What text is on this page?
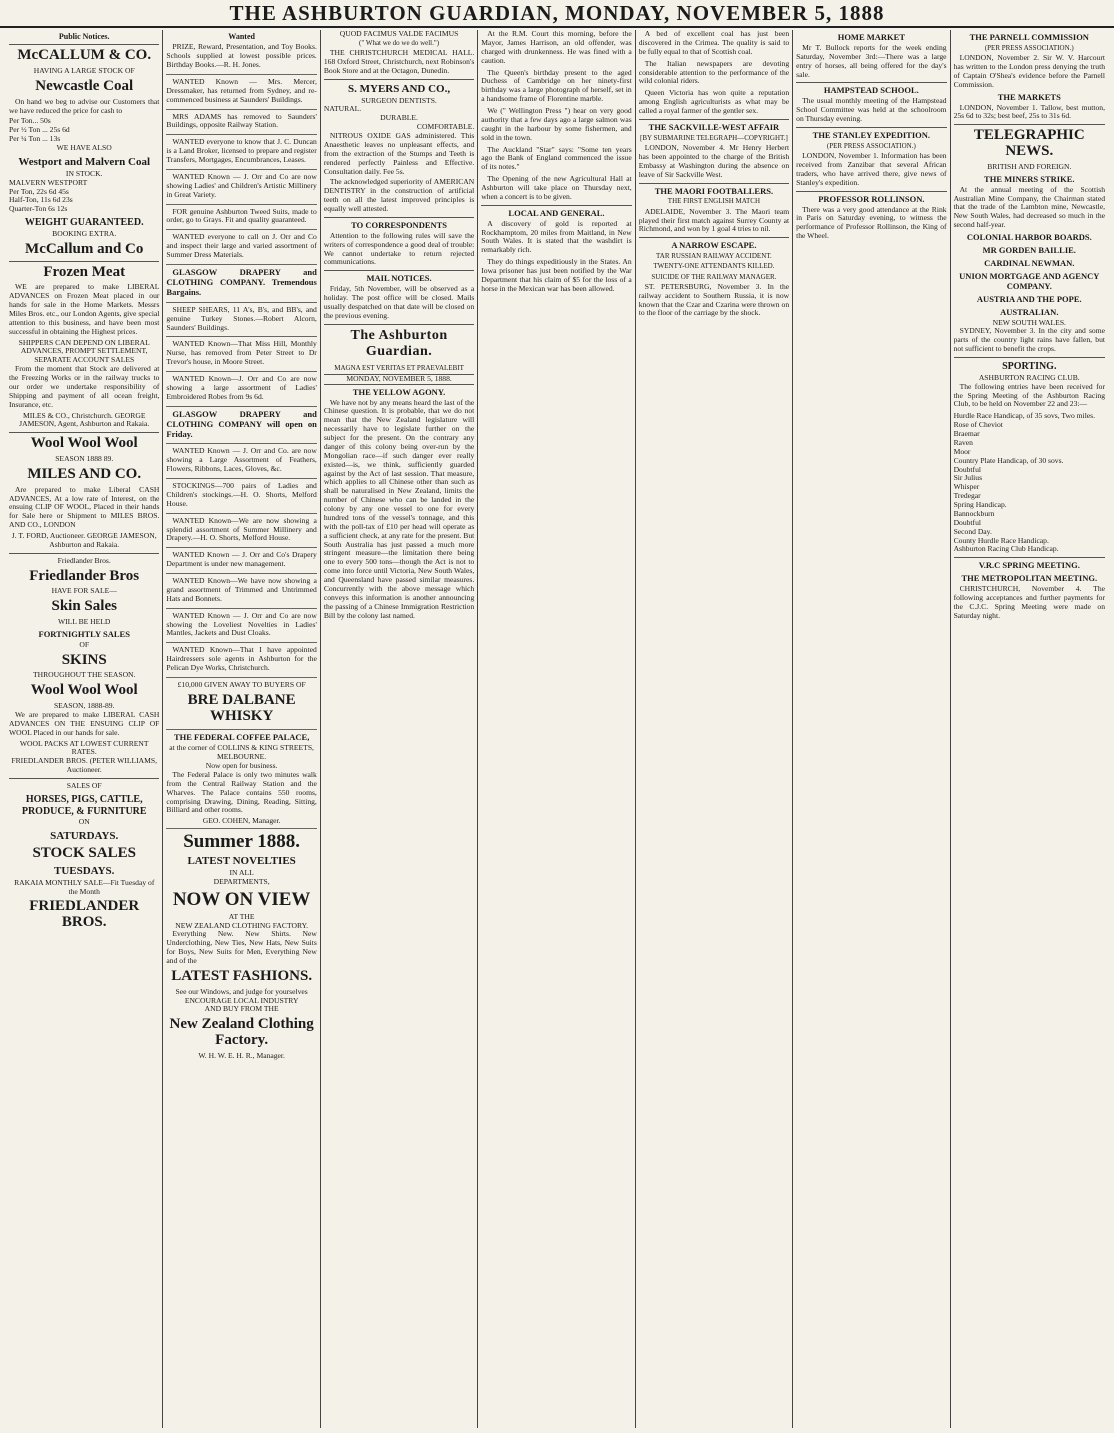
THE ASHBURTON GUARDIAN, MONDAY, NOVEMBER 5, 1888
Public Notices.
McCALLUM & CO.
HAVING A LARGE STOCK OF
Newcastle Coal

On hand we beg to advise our Customers that we have reduced the price for cash to

Per Ton... 50s
Per ½ Ton ... 25s 6d
Per ¼ Ton ... 13s
WE HAVE ALSO
Westport and Malvern Coal
IN STOCK.
MALVERN WESTPORT
Per Ton, 22s 6d 45s
Half-Ton, 11s 6d 23s
Quarter-Ton 6s 12s
WEIGHT GUARANTEED.
BOOKING EXTRA.
McCallum and Co
Frozen Meat

WE are prepared to make LIBERAL ADVANCES on Frozen Meat placed in our hands for sale in the Home Markets. Messrs Miles Bros. etc., our London Agents, give special attention to this business, and have been most successful in obtaining the Highest prices.

SHIPPERS CAN DEPEND ON LIBERAL ADVANCES, PROMPT SETTLEMENT, SEPARATE ACCOUNT SALES

From the moment that Stock are delivered at the Freezing Works or in the railway trucks to our order we undertake responsibility of Shipping and payment of all ocean freight, Insurance, etc.

MILES & CO., Christchurch. GEORGE JAMESON, Agent, Ashburton and Rakaia.
Wool Wool Wool
SEASON 1888 89.
MILES AND CO.

Are prepared to make Liberal CASH ADVANCES, At a low rate of Interest, on the ensuing CLIP OF WOOL, Placed in their hands for Sale here or Shipment to MILES BROS. AND CO., LONDON

J. T. FORD, Auctioneer. GEORGE JAMESON, Ashburton and Rakaia.
Friedlander Bros.
Friedlander Bros
HAVE FOR SALE—
Skin Sales
WILL BE HELD
FORTNIGHTLY SALES
OF
SKINS
THROUGHOUT THE SEASON.
Wool Wool Wool
SEASON, 1888-89.

We are prepared to make LIBERAL CASH ADVANCES ON THE ENSUING CLIP OF WOOL Placed in our hands for sale.

WOOL PACKS AT LOWEST CURRENT RATES.
FRIEDLANDER BROS. (PETER WILLIAMS, Auctioneer.
SALES OF
HORSES, PIGS, CATTLE, PRODUCE, & FURNITURE
ON
SATURDAYS.
STOCK SALES
TUESDAYS.
RAKAIA MONTHLY SALE—Fit Tuesday of the Month
FRIEDLANDER BROS.
Wanted

PRIZE, Reward, Presentation, and Toy Books. Schools supplied at lowest possible prices. Birthday Books.—R. H. Jones.

WANTED Known — Mrs. Mercer, Dressmaker, has returned from Sydney, and re-commenced business at Saunders' Buildings.

MRS ADAMS has removed to Saunders' Buildings, opposite Railway Station.

WANTED everyone to know that J. C. Duncan is a Land Broker, licensed to prepare and register Transfers, Mortgages, Encumbrances, Leases.

WANTED Known — J. Orr and Co are now showing Ladies' and Children's Artistic Millinery in Great Variety.

FOR genuine Ashburton Tweed Suits, made to order, go to Grays. Fit and quality guaranteed.

WANTED everyone to call on J. Orr and Co and inspect their large and varied assortment of Summer Dress Materials.

GLASGOW DRAPERY and CLOTHING COMPANY. Tremendous Bargains.

SHEEP SHEARS, 11 A's, B's, and BB's, and genuine Turkey Stones.—Robert Alcorn, Saunders' Buildings.

WANTED Known—That Miss Hill, Monthly Nurse, has removed from Peter Street to Dr Trevor's house, in Moore Street.

WANTED Known—J. Orr and Co are now showing a large assortment of Ladies' Embroidered Robes from 9s 6d.

GLASGOW DRAPERY and CLOTHING COMPANY will open on Friday.

WANTED Known — J. Orr and Co. are now showing a Large Assortment of Feathers, Flowers, Ribbons, Laces, Gloves, &c.

STOCKINGS—700 pairs of Ladies and Children's stockings.—H. O. Shorts, Melford House.

WANTED Known—We are now showing a splendid assortment of Summer Millinery and Drapery.—H. O. Shorts, Melford House.

WANTED Known — J. Orr and Co's Drapery Department is under new management.

WANTED Known—We have now showing a grand assortment of Trimmed and Untrimmed Hats and Bonnets.

WANTED Known — J. Orr and Co are now showing the Loveliest Novelties in Ladies' Mantles, Jackets and Dust Cloaks.

WANTED Known—That I have appointed Hairdressers sole agents in Ashburton for the Pelican Dye Works, Christchurch.

£10,000 GIVEN AWAY TO BUYERS OF
BRE DALBANE WHISKY
THE FEDERAL COFFEE PALACE,
at the corner of COLLINS & KING STREETS, MELBOURNE.
Now open for business.

The Federal Palace is only two minutes walk from the Central Railway Station and the Wharves. The Palace contains 550 rooms, comprising Drawing, Dining, Reading, Sitting, Billiard and other rooms.

GEO. COHEN, Manager.
Summer 1888.
LATEST NOVELTIES
IN ALL
DEPARTMENTS,
NOW ON VIEW
AT THE
NEW ZEALAND CLOTHING FACTORY.

Everything New. New Shirts. New Underclothing, New Ties, New Hats, New Suits for Boys, New Suits for Men, Everything New and of the

LATEST FASHIONS.
See our Windows, and judge for yourselves
ENCOURAGE LOCAL INDUSTRY
AND BUY FROM THE
New Zealand Clothing Factory.
W. H. W. E. H. R., Manager.
QUOD FACIMUS VALDE FACIMUS
(" What we do we do well.")

THE CHRISTCHURCH MEDICAL HALL. 168 Oxford Street, Christchurch, next Robinson's Book Store and at the Octagon, Dunedin.

S. MYERS AND CO.,
SURGEON DENTISTS.
NATURAL.
DURABLE.
COMFORTABLE.

NITROUS OXIDE GAS administered. This Anaesthetic leaves no unpleasant effects, and from the extraction of the Stumps and Teeth is rendered perfectly Painless and Effective. Consultation daily. Fee 5s.

The acknowledged superiority of AMERICAN DENTISTRY in the construction of artificial teeth on all the latest improved principles is equally well attested.

TO CORRESPONDENTS

Attention to the following rules will save the writers of correspondence a good deal of trouble: We cannot undertake to return rejected communications.

MAIL NOTICES.

Friday, 5th November, will be observed as a holiday. The post office will be closed. Mails usually despatched on that date will be closed on the previous evening.

The Ashburton Guardian.
MAGNA EST VERITAS ET PRAEVALEBIT
MONDAY, NOVEMBER 5, 1888.
THE YELLOW AGONY.

We have not by any means heard the last of the Chinese question. It is probable, that we do not mean that the New Zealand legislature will necessarily have to legislate further on the subject for the present. On the contrary any danger of this colony being over-run by the Mongolian race—if such danger ever really existed—is, we think, sufficiently guarded against by the Act of last session. That measure, which applies to all Chinese other than such as shall be naturalised in New Zealand, limits the number of Chinese who can be landed in the colony by any one vessel to one for every hundred tons of the vessel's tonnage, and this with the poll-tax of £10 per head will operate as a sufficient check, at any rate for the present. But South Australia has just passed a much more stringent measure—the limitation there being one to every 500 tons—though the Act is not to come into force until Victoria, New South Wales, and Queensland have passed similar measures. Concurrently with the above message which conveys this information is another announcing the passing of a Chinese Immigration Restriction Bill by the colony last named.

At the R.M. Court this morning, before the Mayor, James Harrison, an old offender, was charged with drunkenness. He was fined with a caution.

The Queen's birthday present to the aged Duchess of Cambridge on her ninety-first birthday was a large photograph of herself, set in a handsome frame of Florentine marble.

We (" Wellington Press ") hear on very good authority that a few days ago a large salmon was caught in the harbour by some fishermen, and sold in the town.

The Auckland "Star" says: "Some ten years ago the Bank of England commenced the issue of its notes."

The Opening of the new Agricultural Hall at Ashburton will take place on Thursday next, when a concert is to be given.

LOCAL AND GENERAL.

A discovery of gold is reported at Rockhamptom, 20 miles from Maitland, in New South Wales. It is stated that the washdirt is remarkably rich.

They do things expeditiously in the States. An Iowa prisoner has just been notified by the War Department that his claim of $5 for the loss of a horse in the Mexican war has been allowed.

A bed of excellent coal has just been discovered in the Crimea. The quality is said to be fully equal to that of Scottish coal.

The Italian newspapers are devoting considerable attention to the performance of the wild colonial riders.

Queen Victoria has won quite a reputation among English agriculturists as what may be called a royal farmer of the gentler sex.

THE SACKVILLE-WEST AFFAIR
[BY SUBMARINE TELEGRAPH—COPYRIGHT.]

LONDON, November 4. Mr Henry Herbert has been appointed to the charge of the British Embassy at Washington during the absence on leave of Sir Sackville West.

THE MAORI FOOTBALLERS.
THE FIRST ENGLISH MATCH

ADELAIDE, November 3. The Maori team played their first match against Surrey County at Richmond, and won by 1 goal 4 tries to nil.

A NARROW ESCAPE.
TAR RUSSIAN RAILWAY ACCIDENT.
TWENTY-ONE ATTENDANTS KILLED.
SUICIDE OF THE RAILWAY MANAGER.

ST. PETERSBURG, November 3. In the railway accident to Southern Russia, it is now known that the Czar and Czarina were thrown on to the floor of the carriage by the shock.

HOME MARKET

Mr T. Bullock reports for the week ending Saturday, November 3rd:—There was a large entry of horses, all being offered for the day's sale.

HAMPSTEAD SCHOOL.

The usual monthly meeting of the Hampstead School Committee was held at the schoolroom on Thursday evening.

THE STANLEY EXPEDITION.
(PER PRESS ASSOCIATION.)

LONDON, November 1. Information has been received from Zanzibar that several African traders, who have arrived there, give news of Stanley's expedition.

PROFESSOR ROLLINSON.

There was a very good attendance at the Rink in Paris on Saturday evening, to witness the performance of Professor Rollinson, the King of the Wheel.

THE PARNELL COMMISSION
(PER PRESS ASSOCIATION.)

LONDON, November 2. Sir W. V. Harcourt has written to the London press denying the truth of Captain O'Shea's evidence before the Parnell Commission.

THE MARKETS

LONDON, November 1. Tallow, best mutton, 25s 6d to 32s; best beef, 25s to 31s 6d.

TELEGRAPHIC NEWS.
BRITISH AND FOREIGN.
THE MINERS STRIKE.

At the annual meeting of the Scottish Australian Mine Company, the Chairman stated that the trade of the Lambton mine, Newcastle, New South Wales, had decreased so much in the second half-year.

COLONIAL HARBOR BOARDS.
MR GORDEN BAILLIE.
CARDINAL NEWMAN.
UNION MORTGAGE AND AGENCY COMPANY.
AUSTRIA AND THE POPE.
AUSTRALIAN.
NEW SOUTH WALES.

SYDNEY, November 3. In the city and some parts of the country light rains have fallen, but not sufficient to benefit the crops.

SPORTING.
ASHBURTON RACING CLUB.

The following entries have been received for the Spring Meeting of the Ashburton Racing Club, to be held on November 22 and 23:—

Hurdle Race Handicap, of 35 sovs, Two miles.
Rose of Cheviot
Braemar
Raven
Moor
Country Plate Handicap, of 30 sovs.
Doubtful
Sir Julius
Whisper
Tredegar
Spring Handicap.
Bannockburn
Doubtful
Second Day.
County Hurdle Race Handicap.
Ashburton Racing Club Handicap.
V.R.C SPRING MEETING.
THE METROPOLITAN MEETING.

CHRISTCHURCH, November 4. The following acceptances and further payments for the C.J.C. Spring Meeting were made on Saturday night.
